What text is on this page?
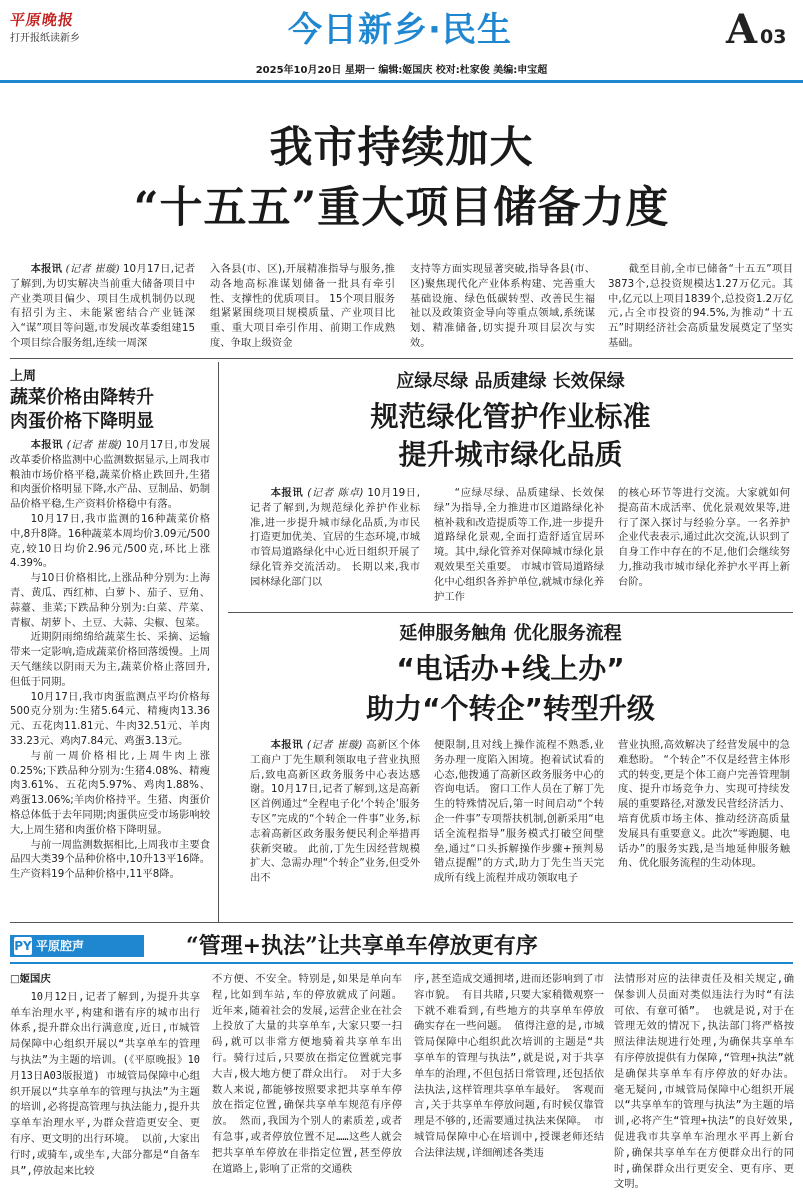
平原晚报
打开报纸读新乡	今日新乡·民生	A 03
2025年10月20日 星期一 编辑:姬国庆 校对:杜家俊 美编:申宝超
我市持续加大
“十五五”重大项目储备力度
本报讯 (记者 崔璇) 10月17日,记者了解到,为切实解决当前重大储备项目中产业类项目偏少、项目生成机制仍以现有招引为主、未能紧密结合产业链深入“谋”项目等问题,市发展改革委组建15个项目综合服务组,连续一周深
入各县(市、区),开展精准指导与服务,推动各地高标准谋划储备一批具有牵引性、支撑性的优质项目。 15个项目服务组紧紧围绕项目规模质量、产业项目比重、重大项目牵引作用、前期工作成熟度、争取上级资金
支持等方面实现显著突破,指导各县(市、区)聚焦现代化产业体系构建、完善重大基础设施、绿色低碳转型、改善民生福祉以及政策资金导向等重点领域,系统谋划、精准储备,切实提升项目层次与实效。
截至目前,全市已储备“十五五”项目3873个,总投资规模达1.27万亿元。其中,亿元以上项目1839个,总投资1.2万亿元,占全市投资的94.5%,为推动“十五五”时期经济社会高质量发展奠定了坚实基础。
上周
蔬菜价格由降转升
肉蛋价格下降明显

本报讯 (记者 崔璇) 10月17日,市发展改革委价格监测中心监测数据显示,上周我市粮油市场价格平稳,蔬菜价格止跌回升,生猪和肉蛋价格明显下降,水产品、豆制品、奶制品价格平稳,生产资料价格稳中有落。

10月17日,我市监测的16种蔬菜价格中,8升8降。16种蔬菜本周均价3.09元/500克,较10日均价2.96元/500克,环比上涨4.39%。

与10日价格相比,上涨品种分别为:上海青、黄瓜、西红柿、白萝卜、茄子、豆角、蒜薹、韭菜;下跌品种分别为:白菜、芹菜、青椒、胡萝卜、土豆、大蒜、尖椒、包菜。

近期阴雨绵绵给蔬菜生长、采摘、运输带来一定影响,造成蔬菜价格回落缓慢。上周天气继续以阴雨天为主,蔬菜价格止落回升,但低于同期。

10月17日,我市肉蛋监测点平均价格每500克分别为:生猪5.64元、精瘦肉13.36元、五花肉11.81元、牛肉32.51元、羊肉33.23元、鸡肉7.84元、鸡蛋3.13元。

与前一周价格相比,上周牛肉上涨0.25%;下跌品种分别为:生猪4.08%、精瘦肉3.61%、五花肉5.97%、鸡肉1.88%、鸡蛋13.06%;羊肉价格持平。生猪、肉蛋价格总体低于去年同期;肉蛋供应受市场影响较大,上周生猪和肉蛋价格下降明显。

与前一周监测数据相比,上周我市主要食品四大类39个品种价格中,10升13平16降。生产资料19个品种价格中,11平8降。

应绿尽绿 品质建绿 长效保绿
规范绿化管护作业标准
提升城市绿化品质
本报讯 (记者 陈卓) 10月19日,记者了解到,为规范绿化养护作业标准,进一步提升城市绿化品质,为市民打造更加优美、宜居的生态环境,市城市管局道路绿化中心近日组织开展了绿化管养交流活动。 长期以来,我市园林绿化部门以
“应绿尽绿、品质建绿、长效保绿”为指导,全力推进市区道路绿化补植补栽和改造提质等工作,进一步提升道路绿化景观,全面打造舒适宜居环境。其中,绿化管养对保障城市绿化景观效果至关重要。 市城市管局道路绿化中心组织各养护单位,就城市绿化养护工作
的核心环节等进行交流。大家就如何提高苗木成活率、优化景观效果等,进行了深入探讨与经验分享。一名养护企业代表表示,通过此次交流,认识到了自身工作中存在的不足,他们会继续努力,推动我市城市绿化养护水平再上新台阶。
延伸服务触角 优化服务流程
“电话办+线上办”
助力“个转企”转型升级
本报讯 (记者 崔璇) 高新区个体工商户丁先生顺利领取电子营业执照后,致电高新区政务服务中心表达感谢。10月17日,记者了解到,这是高新区首例通过“全程电子化‘个转企’服务专区”完成的“个转企一件事”业务,标志着高新区政务服务便民利企举措再获新突破。 此前,丁先生因经营规模扩大、急需办理“个转企”业务,但受外出不
便限制,且对线上操作流程不熟悉,业务办理一度陷入困境。抱着试试看的心态,他拨通了高新区政务服务中心的咨询电话。 窗口工作人员在了解丁先生的特殊情况后,第一时间启动“个转企一件事”专项帮扶机制,创新采用“电话全流程指导”服务模式打破空间壁垒,通过“口头拆解操作步骤+预判易错点提醒”的方式,助力丁先生当天完成所有线上流程并成功领取电子
营业执照,高效解决了经营发展中的急难愁盼。 “个转企”不仅是经营主体形式的转变,更是个体工商户完善管理制度、提升市场竞争力、实现可持续发展的重要路径,对激发民营经济活力、培育优质市场主体、推动经济高质量发展具有重要意义。此次“零跑腿、电话办”的服务实践,是当地延伸服务触角、优化服务流程的生动体现。
平原腔声
PY	“管理+执法”让共享单车停放更有序
□姬国庆

10月12日,记者了解到,为提升共享单车治理水平,构建和谐有序的城市出行体系,提升群众出行满意度,近日,市城管局保障中心组织开展以“共享单车的管理与执法”为主题的培训。(《平原晚报》10月13日A03版报道) 市城管局保障中心组织开展以“共享单车的管理与执法”为主题的培训,必将提高管理与执法能力,提升共享单车治理水平,为群众营造更安全、更有序、更文明的出行环境。 以前,大家出行时,或骑车,或坐车,大部分都是“自备车具”,停放起来比较

不方便、不安全。特别是,如果是单向车程,比如到车站,车的停放就成了问题。 近年来,随着社会的发展,运营企业在社会上投放了大量的共享单车,大家只要一扫码,就可以非常方便地骑着共享单车出行。骑行过后,只要放在指定位置就完事大吉,极大地方便了群众出行。 对于大多数人来说,都能够按照要求把共享单车停放在指定位置,确保共享单车规范有序停放。 然而,我国为个别人的素质差,或者有急事,或者停放位置不足……这些人就会把共享单车停放在非指定位置,甚至停放在道路上,影响了正常的交通秩
序,甚至造成交通拥堵,进而还影响到了市容市貌。 有目共睹,只要大家稍微观察一下就不难看到,有些地方的共享单车停放确实存在一些问题。 值得注意的是,市城管局保障中心组织此次培训的主题是“共享单车的管理与执法”,就是说,对于共享单车的治理,不但包括日常管理,还包括依法执法,这样管理共享单车最好。 客观而言,关于共享单车停放问题,有时候仅靠管理是不够的,还需要通过执法来保障。 市城管局保障中心在培训中,授课老师还结合法律法规,详细阐述各类违
法情形对应的法律责任及相关规定,确保参训人员面对类似违法行为时“有法可依、有章可循”。 也就是说,对于在管理无效的情况下,执法部门将严格按照法律法规进行处理,为确保共享单车有序停放提供有力保障,“管理+执法”就是确保共享单车有序停放的好办法。 毫无疑问,市城管局保障中心组织开展以“共享单车的管理与执法”为主题的培训,必将产生“管理+执法”的良好效果,促进我市共享单车治理水平再上新台阶,确保共享单车在方便群众出行的同时,确保群众出行更安全、更有序、更文明。
